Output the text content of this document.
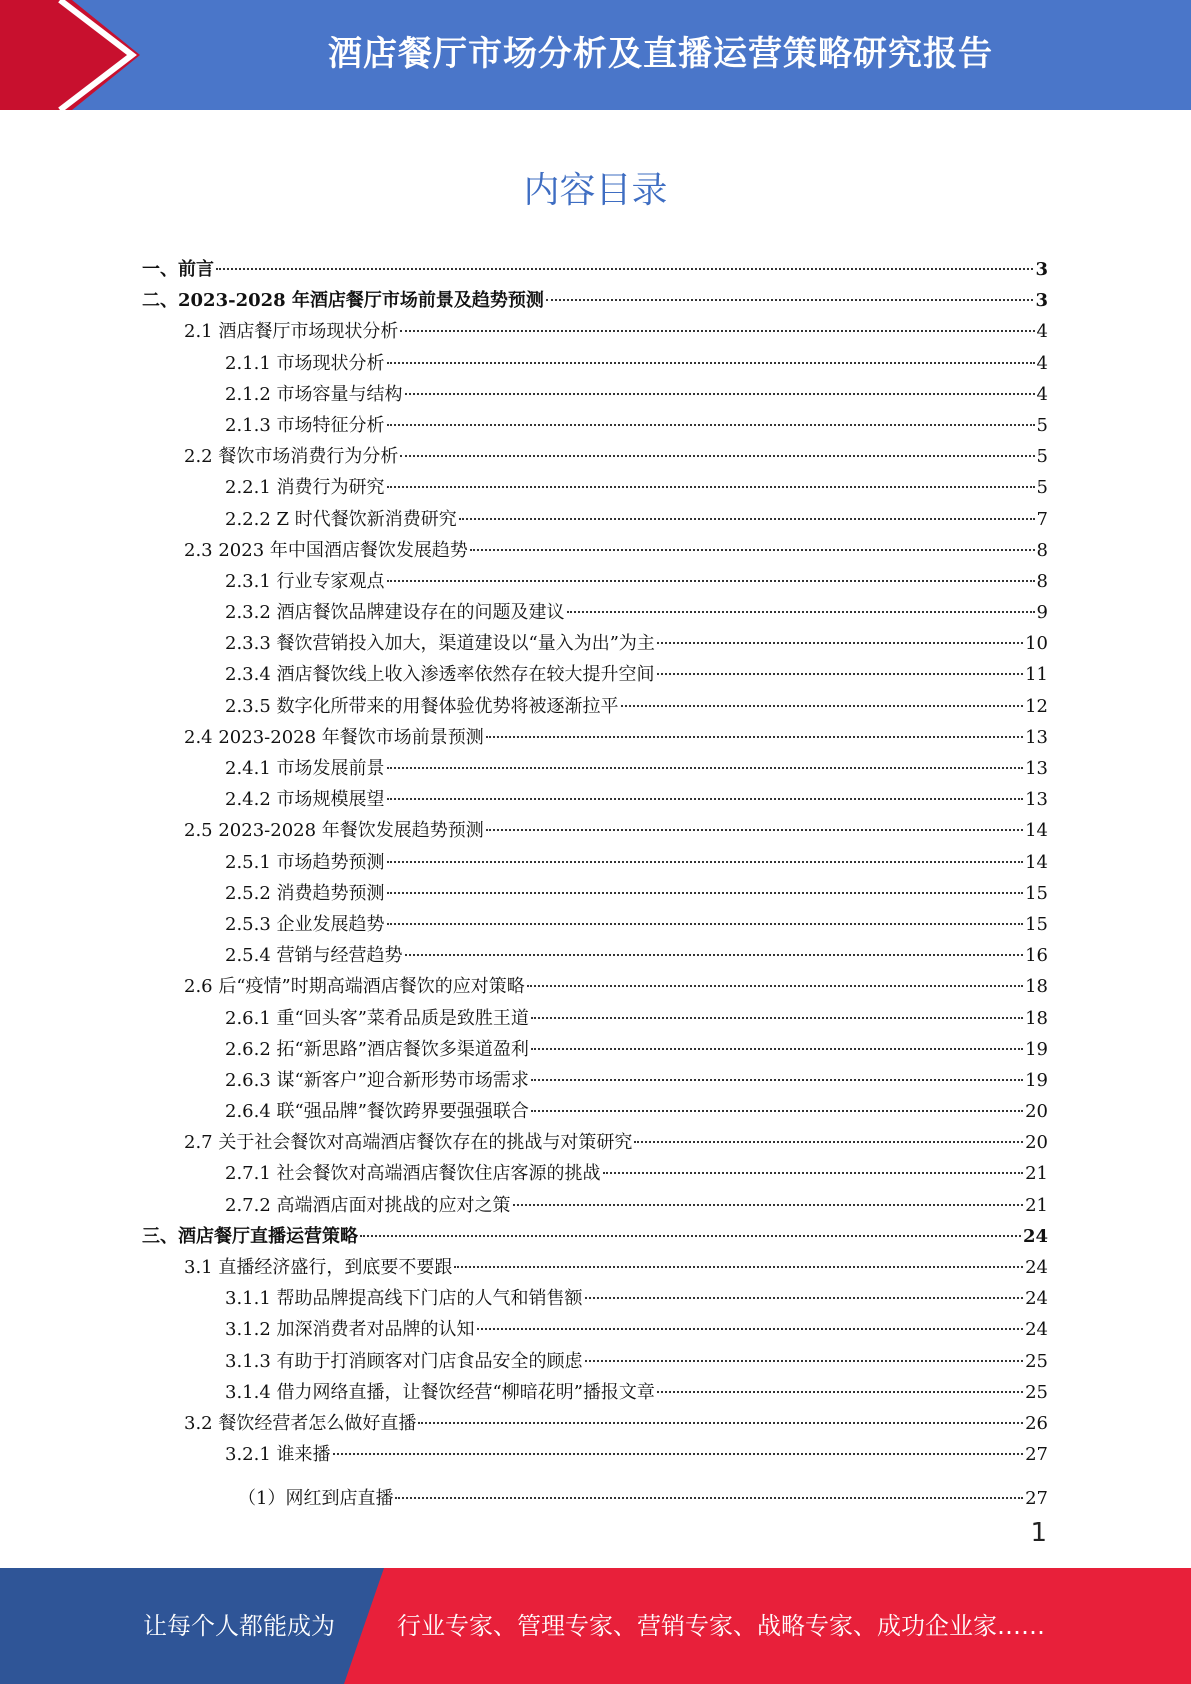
酒店餐厅市场分析及直播运营策略研究报告
内容目录
一、前言	3
二、2023-2028 年酒店餐厅市场前景及趋势预测	3
2.1 酒店餐厅市场现状分析	4
2.1.1 市场现状分析	4
2.1.2 市场容量与结构	4
2.1.3 市场特征分析	5
2.2 餐饮市场消费行为分析	5
2.2.1 消费行为研究	5
2.2.2 Z 时代餐饮新消费研究	7
2.3 2023 年中国酒店餐饮发展趋势	8
2.3.1 行业专家观点	8
2.3.2 酒店餐饮品牌建设存在的问题及建议	9
2.3.3 餐饮营销投入加大，渠道建设以“量入为出”为主	10
2.3.4 酒店餐饮线上收入渗透率依然存在较大提升空间	11
2.3.5 数字化所带来的用餐体验优势将被逐渐拉平	12
2.4 2023-2028 年餐饮市场前景预测	13
2.4.1 市场发展前景	13
2.4.2 市场规模展望	13
2.5 2023-2028 年餐饮发展趋势预测	14
2.5.1 市场趋势预测	14
2.5.2 消费趋势预测	15
2.5.3 企业发展趋势	15
2.5.4 营销与经营趋势	16
2.6 后“疫情”时期高端酒店餐饮的应对策略	18
2.6.1 重“回头客”菜肴品质是致胜王道	18
2.6.2 拓“新思路”酒店餐饮多渠道盈利	19
2.6.3 谋“新客户”迎合新形势市场需求	19
2.6.4 联“强品牌”餐饮跨界要强强联合	20
2.7 关于社会餐饮对高端酒店餐饮存在的挑战与对策研究	20
2.7.1 社会餐饮对高端酒店餐饮住店客源的挑战	21
2.7.2 高端酒店面对挑战的应对之策	21
三、酒店餐厅直播运营策略	24
3.1 直播经济盛行，到底要不要跟	24
3.1.1 帮助品牌提高线下门店的人气和销售额	24
3.1.2 加深消费者对品牌的认知	24
3.1.3 有助于打消顾客对门店食品安全的顾虑	25
3.1.4 借力网络直播，让餐饮经营“柳暗花明”播报文章	25
3.2 餐饮经营者怎么做好直播	26
3.2.1 谁来播	27
（1）网红到店直播	27
1
让每个人都能成为	行业专家、管理专家、营销专家、战略专家、成功企业家……
